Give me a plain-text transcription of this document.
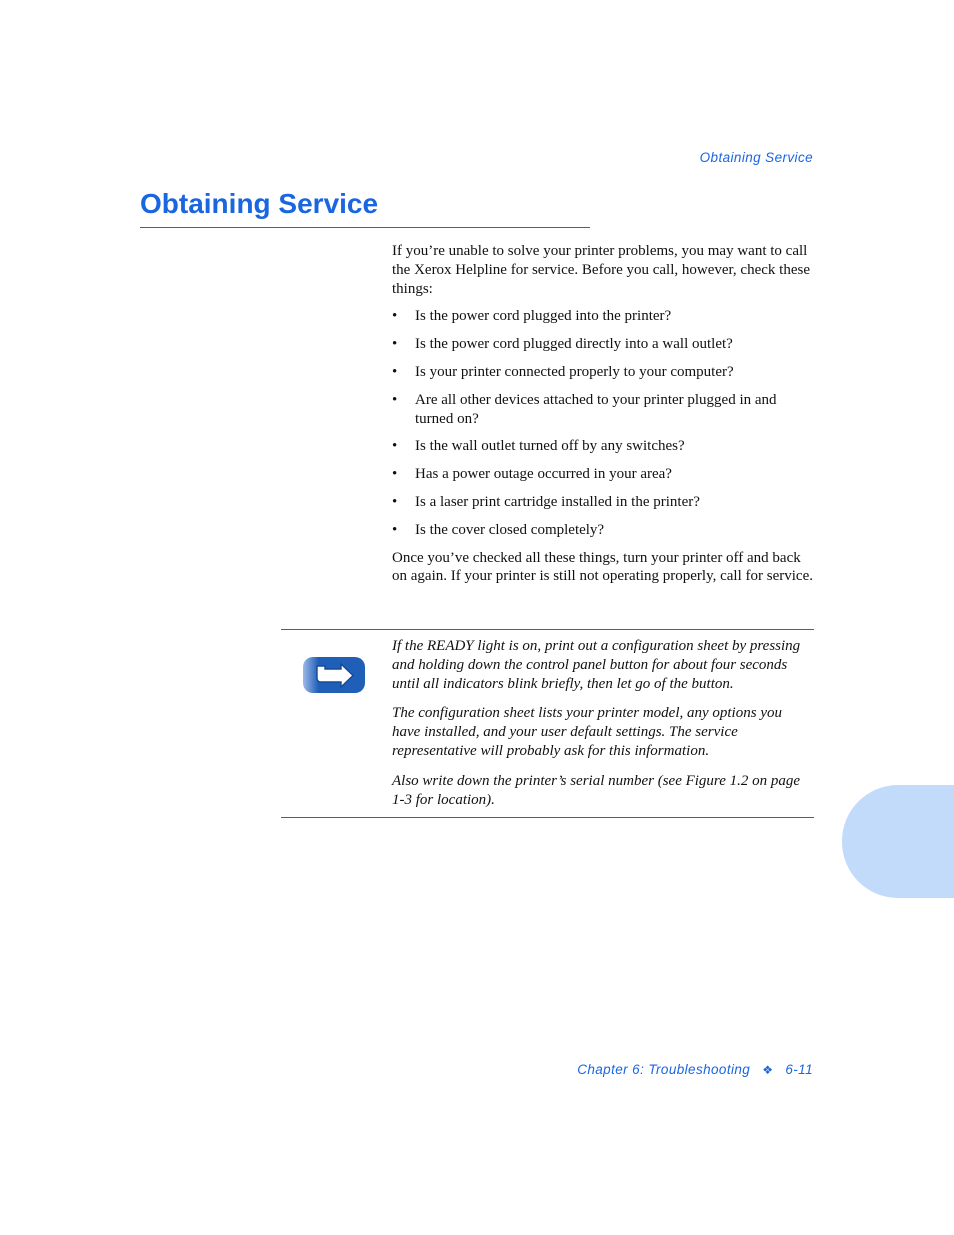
Obtaining Service
Obtaining Service

If you’re unable to solve your printer problems, you may want to call the Xerox Helpline for service. Before you call, however, check these things:

• Is the power cord plugged into the printer?
• Is the power cord plugged directly into a wall outlet?
• Is your printer connected properly to your computer?
• Are all other devices attached to your printer plugged in and turned on?
• Is the wall outlet turned off by any switches?
• Has a power outage occurred in your area?
• Is a laser print cartridge installed in the printer?
• Is the cover closed completely?

Once you’ve checked all these things, turn your printer off and back on again. If your printer is still not operating properly, call for service.

If the READY light is on, print out a configuration sheet by pressing and holding down the control panel button for about four seconds until all indicators blink briefly, then let go of the button.

The configuration sheet lists your printer model, any options you have installed, and your user default settings. The service representative will probably ask for this information.

Also write down the printer’s serial number (see Figure 1.2 on page 1-3 for location).

Chapter 6: Troubleshooting ❖ 6-11
